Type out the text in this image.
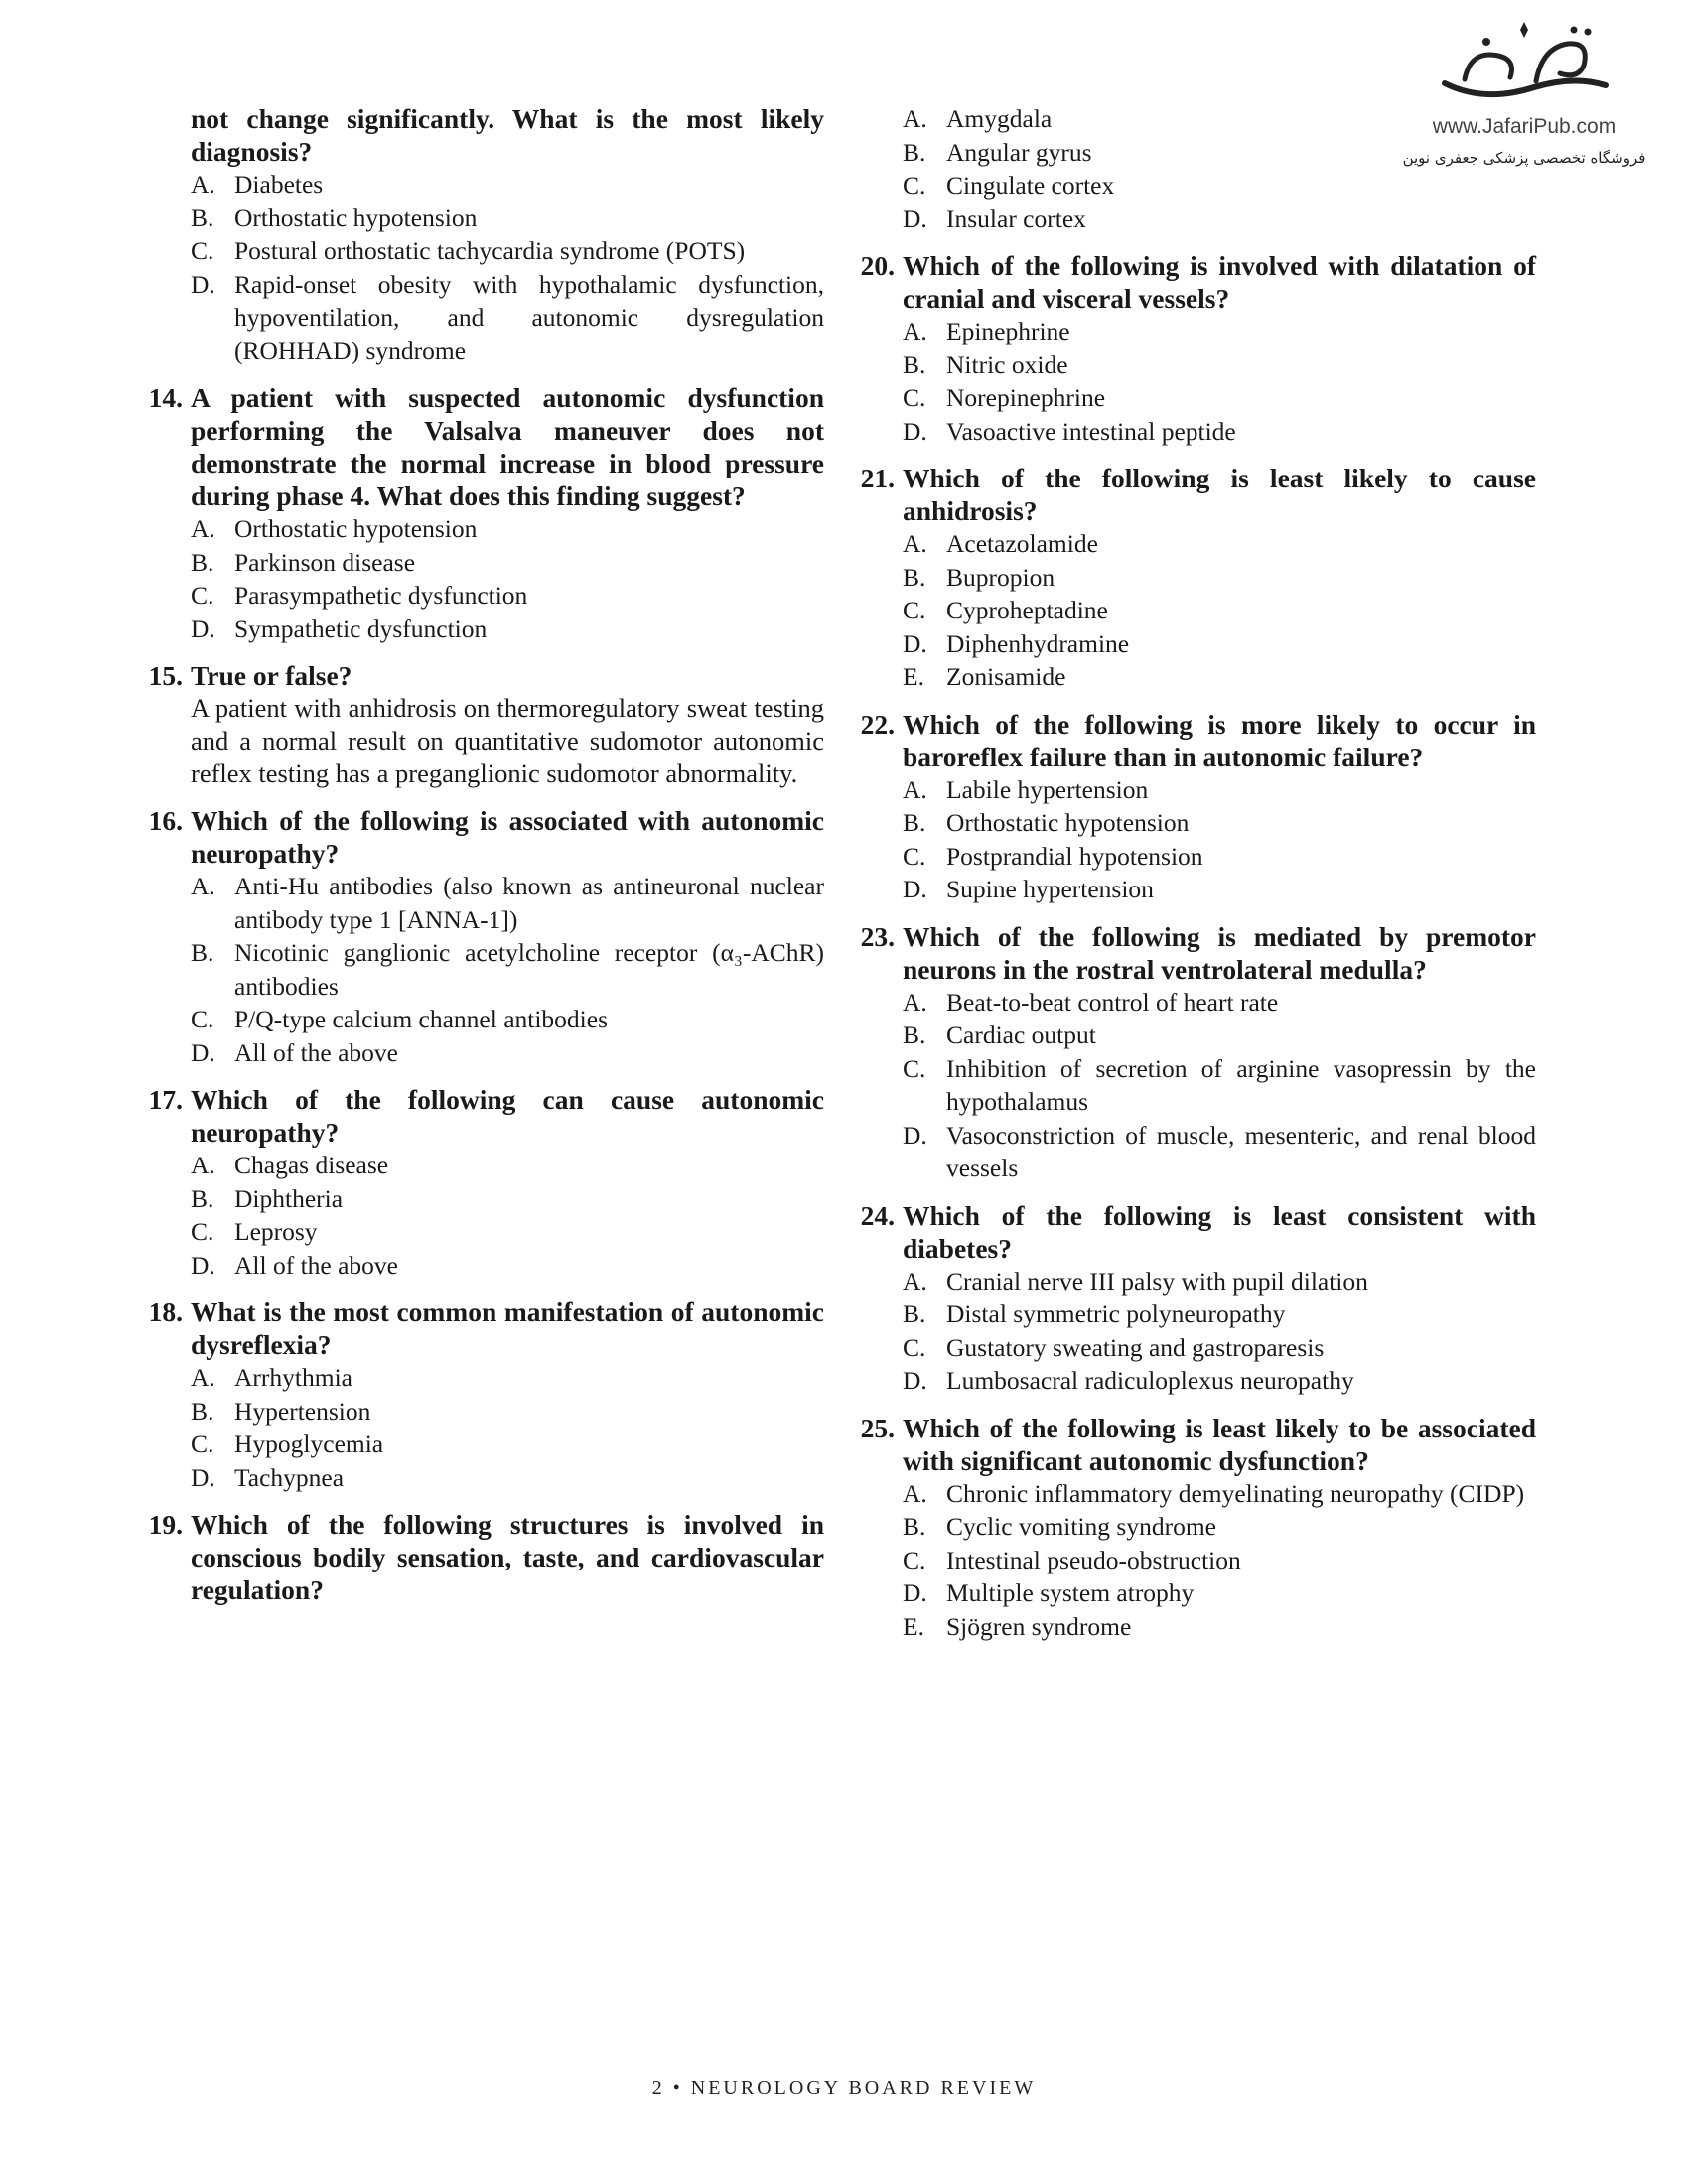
www.JafariPub.com
فروشگاه تخصصی پزشکی جعفری نوین
not change significantly. What is the most likely diagnosis?
A. Diabetes
B. Orthostatic hypotension
C. Postural orthostatic tachycardia syndrome (POTS)
D. Rapid-onset obesity with hypothalamic dysfunction, hypoventilation, and autonomic dysregulation (ROHHAD) syndrome
14. A patient with suspected autonomic dysfunction performing the Valsalva maneuver does not demonstrate the normal increase in blood pressure during phase 4. What does this finding suggest?
A. Orthostatic hypotension
B. Parkinson disease
C. Parasympathetic dysfunction
D. Sympathetic dysfunction
15. True or false?
A patient with anhidrosis on thermoregulatory sweat testing and a normal result on quantitative sudomotor autonomic reflex testing has a preganglionic sudomotor abnormality.
16. Which of the following is associated with autonomic neuropathy?
A. Anti-Hu antibodies (also known as antineuronal nuclear antibody type 1 [ANNA-1])
B. Nicotinic ganglionic acetylcholine receptor (α₃-AChR) antibodies
C. P/Q-type calcium channel antibodies
D. All of the above
17. Which of the following can cause autonomic neuropathy?
A. Chagas disease
B. Diphtheria
C. Leprosy
D. All of the above
18. What is the most common manifestation of autonomic dysreflexia?
A. Arrhythmia
B. Hypertension
C. Hypoglycemia
D. Tachypnea
19. Which of the following structures is involved in conscious bodily sensation, taste, and cardiovascular regulation?
A. Amygdala
B. Angular gyrus
C. Cingulate cortex
D. Insular cortex
20. Which of the following is involved with dilatation of cranial and visceral vessels?
A. Epinephrine
B. Nitric oxide
C. Norepinephrine
D. Vasoactive intestinal peptide
21. Which of the following is least likely to cause anhidrosis?
A. Acetazolamide
B. Bupropion
C. Cyproheptadine
D. Diphenhydramine
E. Zonisamide
22. Which of the following is more likely to occur in baroreflex failure than in autonomic failure?
A. Labile hypertension
B. Orthostatic hypotension
C. Postprandial hypotension
D. Supine hypertension
23. Which of the following is mediated by premotor neurons in the rostral ventrolateral medulla?
A. Beat-to-beat control of heart rate
B. Cardiac output
C. Inhibition of secretion of arginine vasopressin by the hypothalamus
D. Vasoconstriction of muscle, mesenteric, and renal blood vessels
24. Which of the following is least consistent with diabetes?
A. Cranial nerve III palsy with pupil dilation
B. Distal symmetric polyneuropathy
C. Gustatory sweating and gastroparesis
D. Lumbosacral radiculoplexus neuropathy
25. Which of the following is least likely to be associated with significant autonomic dysfunction?
A. Chronic inflammatory demyelinating neuropathy (CIDP)
B. Cyclic vomiting syndrome
C. Intestinal pseudo-obstruction
D. Multiple system atrophy
E. Sjögren syndrome
2 • NEUROLOGY BOARD REVIEW
